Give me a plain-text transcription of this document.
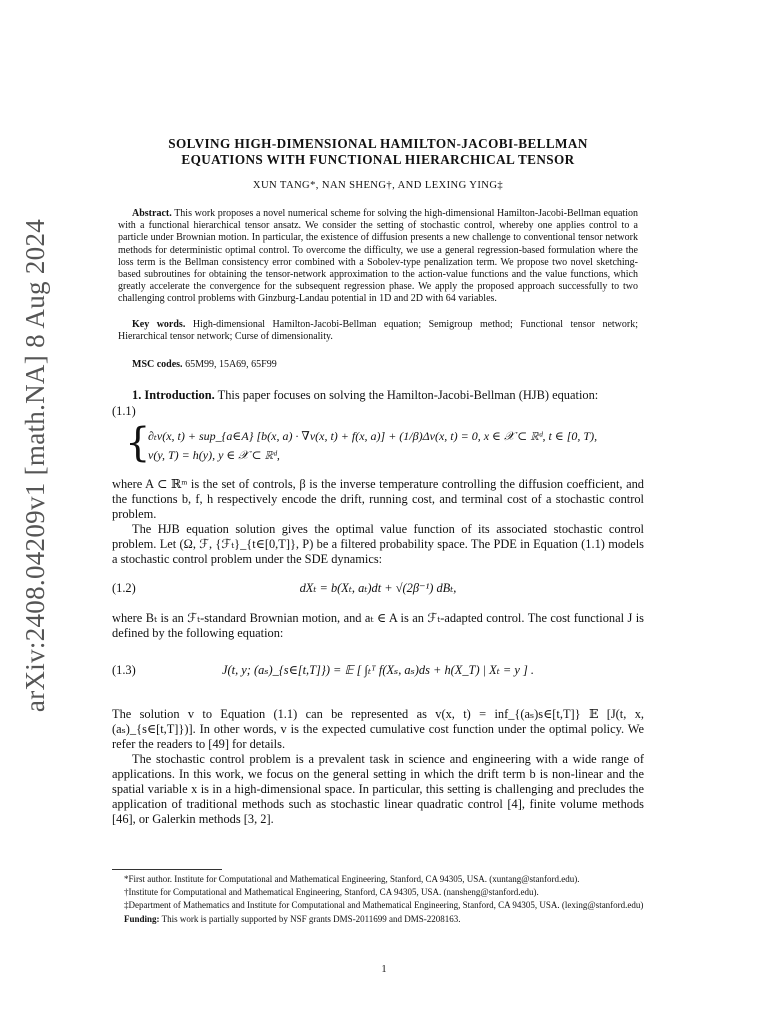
arXiv:2408.04209v1 [math.NA] 8 Aug 2024
SOLVING HIGH-DIMENSIONAL HAMILTON-JACOBI-BELLMAN
EQUATIONS WITH FUNCTIONAL HIERARCHICAL TENSOR
XUN TANG*, NAN SHENG†, AND LEXING YING‡

Abstract. This work proposes a novel numerical scheme for solving the high-dimensional Hamilton-Jacobi-Bellman equation with a functional hierarchical tensor ansatz. We consider the setting of stochastic control, whereby one applies control to a particle under Brownian motion. In particular, the existence of diffusion presents a new challenge to conventional tensor network methods for deterministic optimal control. To overcome the difficulty, we use a general regression-based formulation where the loss term is the Bellman consistency error combined with a Sobolev-type penalization term. We propose two novel sketching-based subroutines for obtaining the tensor-network approximation to the action-value functions and the value functions, which greatly accelerate the convergence for the subsequent regression phase. We apply the proposed approach successfully to two challenging control problems with Ginzburg-Landau potential in 1D and 2D with 64 variables.

Key words. High-dimensional Hamilton-Jacobi-Bellman equation; Semigroup method; Functional tensor network; Hierarchical tensor network; Curse of dimensionality.

MSC codes. 65M99, 15A69, 65F99

1. Introduction. This paper focuses on solving the Hamilton-Jacobi-Bellman (HJB) equation:

(1.1)
{
∂ₜv(x, t) + sup_{a∈A} [b(x, a) · ∇v(x, t) + f(x, a)] + (1/β)Δv(x, t) = 0, x ∈ 𝒳 ⊂ ℝᵈ, t ∈ [0, T),
v(y, T) = h(y), y ∈ 𝒳 ⊂ ℝᵈ,

where A ⊂ ℝᵐ is the set of controls, β is the inverse temperature controlling the diffusion coefficient, and the functions b, f, h respectively encode the drift, running cost, and terminal cost of a stochastic control problem.

The HJB equation solution gives the optimal value function of its associated stochastic control problem. Let (Ω, ℱ, {ℱₜ}_{t∈[0,T]}, P) be a filtered probability space. The PDE in Equation (1.1) models a stochastic control problem under the SDE dynamics:

(1.2)	dXₜ = b(Xₜ, aₜ)dt + √(2β⁻¹) dBₜ,

where Bₜ is an ℱₜ-standard Brownian motion, and aₜ ∈ A is an ℱₜ-adapted control. The cost functional J is defined by the following equation:

(1.3)	J(t, y; (aₛ)_{s∈[t,T]}) = 𝔼 [ ∫ₜᵀ f(Xₛ, aₛ)ds + h(X_T) | Xₜ = y ] .

The solution v to Equation (1.1) can be represented as v(x, t) = inf_{(aₛ)s∈[t,T]} 𝔼 [J(t, x, (aₛ)_{s∈[t,T]})]. In other words, v is the expected cumulative cost function under the optimal policy. We refer the readers to [49] for details.

The stochastic control problem is a prevalent task in science and engineering with a wide range of applications. In this work, we focus on the general setting in which the drift term b is non-linear and the spatial variable x is in a high-dimensional space. In particular, this setting is challenging and precludes the application of traditional methods such as stochastic linear quadratic control [4], finite volume methods [46], or Galerkin methods [3, 2].

*First author. Institute for Computational and Mathematical Engineering, Stanford, CA 94305, USA. (xuntang@stanford.edu).

†Institute for Computational and Mathematical Engineering, Stanford, CA 94305, USA. (nansheng@stanford.edu).

‡Department of Mathematics and Institute for Computational and Mathematical Engineering, Stanford, CA 94305, USA. (lexing@stanford.edu)

Funding: This work is partially supported by NSF grants DMS-2011699 and DMS-2208163.

1
